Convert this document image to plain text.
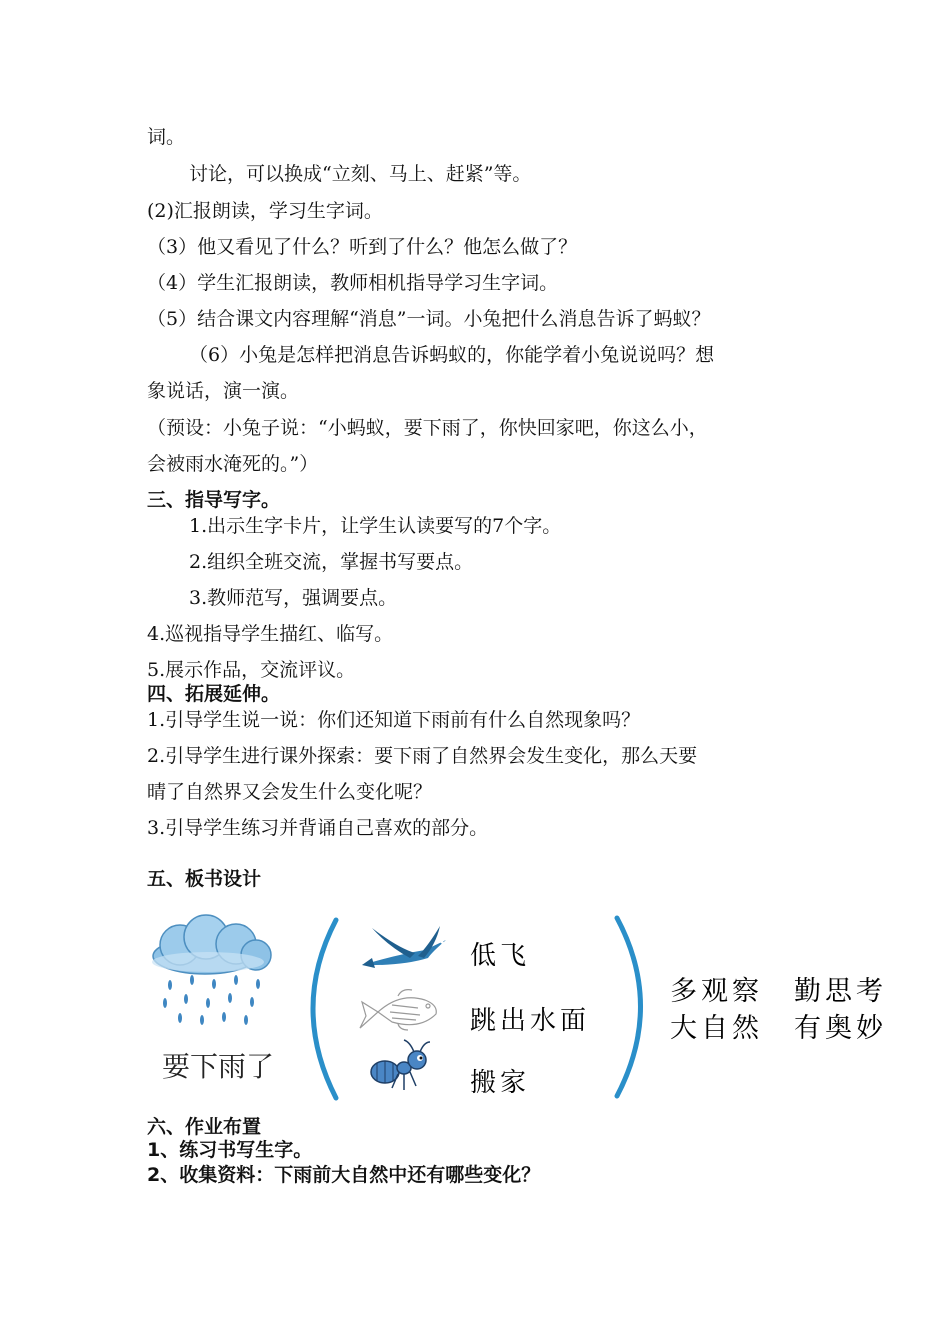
词。
讨论，可以换成“立刻、马上、赶紧”等。
(2)汇报朗读，学习生字词。
（3）他又看见了什么？听到了什么？他怎么做了？
（4）学生汇报朗读，教师相机指导学习生字词。
（5）结合课文内容理解“消息”一词。小兔把什么消息告诉了蚂蚁？
（6）小兔是怎样把消息告诉蚂蚁的，你能学着小兔说说吗？想
象说话，演一演。
（预设：小兔子说：“小蚂蚁，要下雨了，你快回家吧，你这么小，
会被雨水淹死的。”）
三、指导写字。
1.出示生字卡片，让学生认读要写的7个字。
2.组织全班交流，掌握书写要点。
3.教师范写，强调要点。
4.巡视指导学生描红、临写。
5.展示作品，交流评议。
四、拓展延伸。
1.引导学生说一说：你们还知道下雨前有什么自然现象吗？
2.引导学生进行课外探索：要下雨了自然界会发生变化，那么天要
晴了自然界又会发生什么变化呢？
3.引导学生练习并背诵自己喜欢的部分。
五、板书设计
要下雨了
低飞
跳出水面
搬家
多观察　勤思考
大自然　有奥妙
六、作业布置
1、练习书写生字。
2、收集资料：下雨前大自然中还有哪些变化？
